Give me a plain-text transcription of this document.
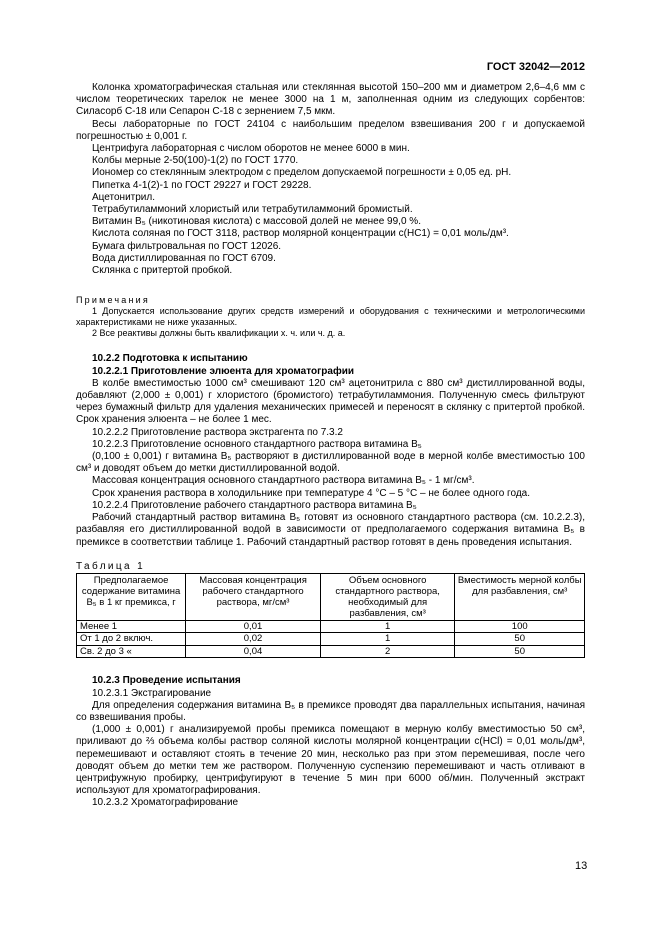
ГОСТ 32042—2012

Колонка хроматографическая стальная или стеклянная высотой 150–200 мм и диаметром 2,6–4,6 мм с числом теоретических тарелок не менее 3000 на 1 м, заполненная одним из следующих сорбентов: Силасорб С-18 или Сепарон С-18 с зернением 7,5 мкм.

Весы лабораторные по ГОСТ 24104 с наибольшим пределом взвешивания 200 г и допускаемой погрешностью ± 0,001 г.

Центрифуга лабораторная с числом оборотов не менее 6000 в мин.

Колбы мерные 2-50(100)-1(2) по ГОСТ 1770.

Иономер со стеклянным электродом с пределом допускаемой погрешности ± 0,05 ед. рН.

Пипетка 4-1(2)-1 по ГОСТ 29227 и ГОСТ 29228.

Ацетонитрил.

Тетрабутиламмоний хлористый или тетрабутиламмоний бромистый.

Витамин В₅ (никотиновая кислота) с массовой долей не менее 99,0 %.

Кислота соляная по ГОСТ 3118, раствор молярной концентрации c(НС1) = 0,01 моль/дм³.

Бумага фильтровальная по ГОСТ 12026.

Вода дистиллированная по ГОСТ 6709.

Склянка с притертой пробкой.

Примечания

1 Допускается использование других средств измерений и оборудования с техническими и метрологическими характеристиками не ниже указанных.

2 Все реактивы должны быть квалификации х. ч. или ч. д. а.

10.2.2 Подготовка к испытанию

10.2.2.1 Приготовление элюента для хроматографии

В колбе вместимостью 1000 см³ смешивают 120 см³ ацетонитрила с 880 см³ дистиллированной воды, добавляют (2,000 ± 0,001) г хлористого (бромистого) тетрабутиламмония. Полученную смесь фильтруют через бумажный фильтр для удаления механических примесей и переносят в склянку с притертой пробкой. Срок хранения элюента – не более 1 мес.

10.2.2.2 Приготовление раствора экстрагента по 7.3.2

10.2.2.3 Приготовление основного стандартного раствора витамина В₅

(0,100 ± 0,001) г витамина В₅ растворяют в дистиллированной воде в мерной колбе вместимостью 100 см³ и доводят объем до метки дистиллированной водой.

Массовая концентрация основного стандартного раствора витамина В₅ - 1 мг/см³.

Срок хранения раствора в холодильнике при температуре 4 °С – 5 °С – не более одного года.

10.2.2.4 Приготовление рабочего стандартного раствора витамина В₅

Рабочий стандартный раствор витамина В₅ готовят из основного стандартного раствора (см. 10.2.2.3), разбавляя его дистиллированной водой в зависимости от предполагаемого содержания витамина В₅ в премиксе в соответствии таблице 1. Рабочий стандартный раствор готовят в день проведения испытания.

Таблица 1
Предполагаемое содержание витамина В₅ в 1 кг премикса, г	Массовая концентрация рабочего стандартного раствора, мг/см³	Объем основного стандартного раствора, необходимый для разбавления, см³	Вместимость мерной колбы для разбавления, см³
Менее 1	0,01	1	100
От 1 до 2 включ.	0,02	1	50
Св. 2 до 3 «	0,04	2	50

10.2.3 Проведение испытания

10.2.3.1 Экстрагирование

Для определения содержания витамина В₅ в премиксе проводят два параллельных испытания, начиная со взвешивания пробы.

(1,000 ± 0,001) г анализируемой пробы премикса помещают в мерную колбу вместимостью 50 см³, приливают до ⅔ объема колбы раствор соляной кислоты молярной концентрации c(HCl) = 0,01 моль/дм³, перемешивают и оставляют стоять в течение 20 мин, несколько раз при этом перемешивая, после чего доводят объем до метки тем же раствором. Полученную суспензию перемешивают и часть отливают в центрифужную пробирку, центрифугируют в течение 5 мин при 6000 об/мин. Полученный экстракт используют для хроматографирования.

10.2.3.2 Хроматографирование

13
